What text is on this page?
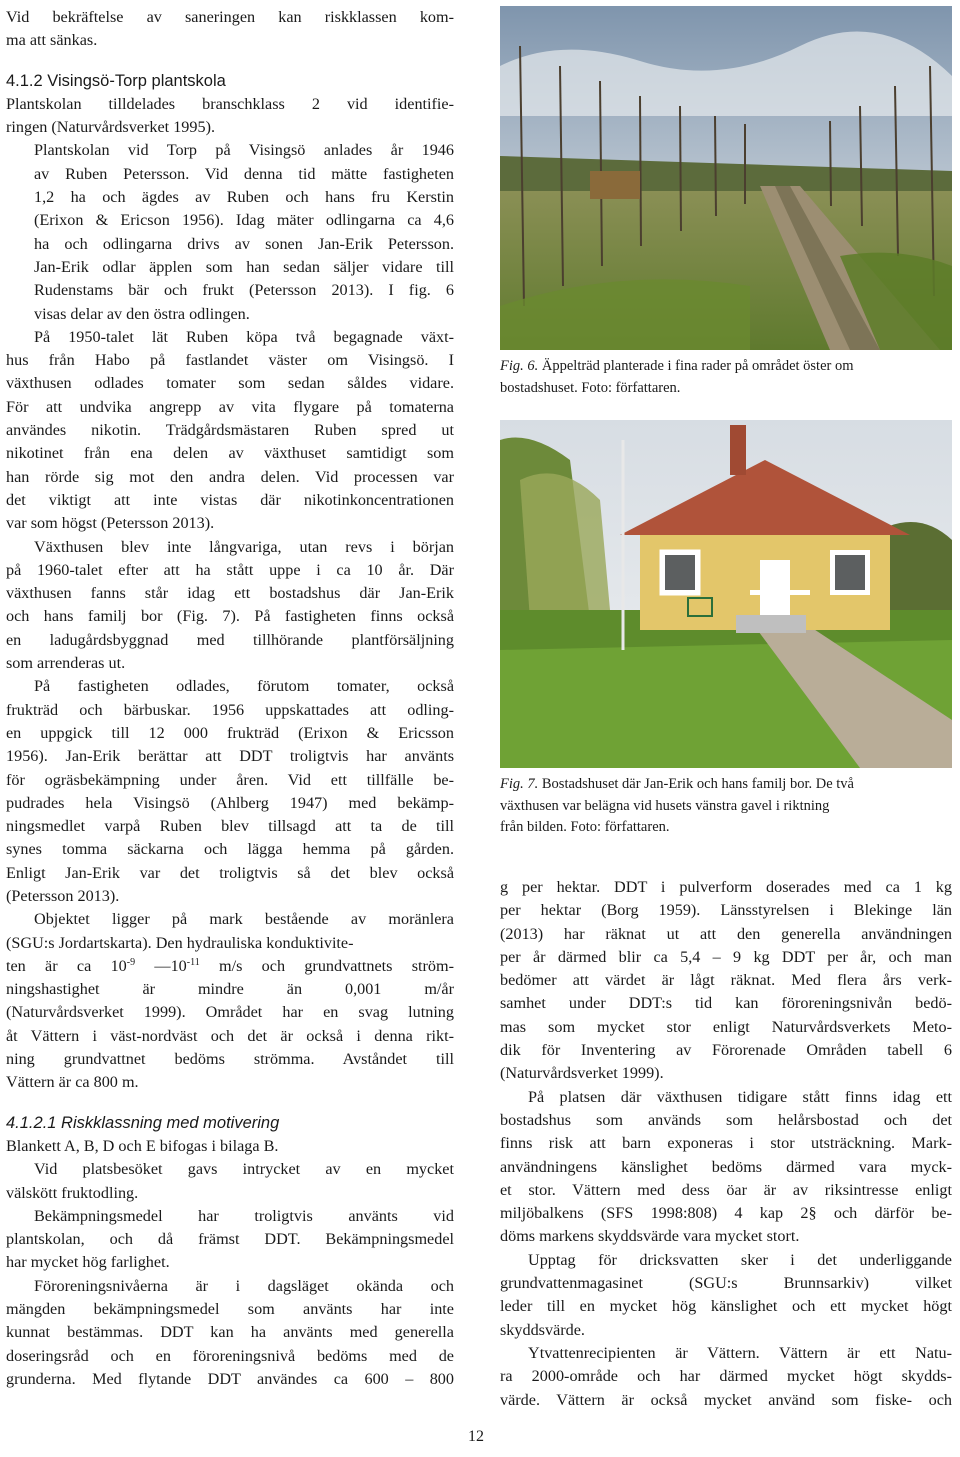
Vid bekräftelse av saneringen kan riskklassen kom-
ma att sänkas.
4.1.2 Visingsö-Torp plantskola
Plantskolan tilldelades branschklass 2 vid identifie-
ringen (Naturvårdsverket 1995).
Plantskolan vid Torp på Visingsö anlades år 1946
av Ruben Petersson. Vid denna tid mätte fastigheten
1,2 ha och ägdes av Ruben och hans fru Kerstin
(Erixon & Ericson 1956). Idag mäter odlingarna ca 4,6
ha och odlingarna drivs av sonen Jan-Erik Petersson.
Jan-Erik odlar äpplen som han sedan säljer vidare till
Rudenstams bär och frukt (Petersson 2013). I fig. 6
visas delar av den östra odlingen.
På 1950-talet lät Ruben köpa två begagnade växt-
hus från Habo på fastlandet väster om Visingsö. I
växthusen odlades tomater som sedan såldes vidare.
För att undvika angrepp av vita flygare på tomaterna
användes nikotin. Trädgårdsmästaren Ruben spred ut
nikotinet från ena delen av växthuset samtidigt som
han rörde sig mot den andra delen. Vid processen var
det viktigt att inte vistas där nikotinkoncentrationen
var som högst (Petersson 2013).
Växthusen blev inte långvariga, utan revs i början
på 1960-talet efter att ha stått uppe i ca 10 år. Där
växthusen fanns står idag ett bostadshus där Jan-Erik
och hans familj bor (Fig. 7). På fastigheten finns också
en ladugårdsbyggnad med tillhörande plantförsäljning
som arrenderas ut.
På fastigheten odlades, förutom tomater, också
frukträd och bärbuskar. 1956 uppskattades att odling-
en uppgick till 12 000 frukträd (Erixon & Ericsson
1956). Jan-Erik berättar att DDT troligtvis har använts
för ogräsbekämpning under åren. Vid ett tillfälle be-
pudrades hela Visingsö (Ahlberg 1947) med bekämp-
ningsmedlet varpå Ruben blev tillsagd att ta de till
synes tomma säckarna och lägga hemma på gården.
Enligt Jan-Erik var det troligtvis så det blev också
(Petersson 2013).
Objektet ligger på mark bestående av moränlera
(SGU:s Jordartskarta). Den hydrauliska konduktivite-
ten är ca $10^{-9}$ $—10^{-11}$ m/s och grundvattnets ström-
ningshastighet är mindre än 0,001 m/år
(Naturvårdsverket 1999). Området har en svag lutning
åt Vättern i väst-nordväst och det är också i denna rikt-
ning grundvattnet bedöms strömma. Avståndet till
Vättern är ca 800 m.
4.1.2.1 Riskklassning med motivering
Blankett A, B, D och E bifogas i bilaga B.
Vid platsbesöket gavs intrycket av en mycket
välskött fruktodling.
Bekämpningsmedel har troligtvis använts vid
plantskolan, och då främst DDT. Bekämpningsmedel
har mycket hög farlighet.
Föroreningsnivåerna är i dagsläget okända och
mängden bekämpningsmedel som använts har inte
kunnat bestämmas. DDT kan ha använts med generella
doseringsråd och en föroreningsnivå bedöms med de
grunderna. Med flytande DDT användes ca 600 – 800
Fig. 6. Äppelträd planterade i fina rader på området öster om
bostadshuset. Foto: författaren.
Fig. 7. Bostadshuset där Jan-Erik och hans familj bor. De två
växthusen var belägna vid husets vänstra gavel i riktning
från bilden. Foto: författaren.
g per hektar. DDT i pulverform doserades med ca 1 kg
per hektar (Borg 1959). Länsstyrelsen i Blekinge län
(2013) har räknat ut att den generella användningen
per år därmed blir ca 5,4 – 9 kg DDT per år, och man
bedömer att värdet är lågt räknat. Med flera års verk-
samhet under DDT:s tid kan föroreningsnivån bedö-
mas som mycket stor enligt Naturvårdsverkets Meto-
dik för Inventering av Förorenade Områden tabell 6
(Naturvårdsverket 1999).
På platsen där växthusen tidigare stått finns idag ett
bostadshus som används som helårsbostad och det
finns risk att barn exponeras i stor utsträckning. Mark-
användningens känslighet bedöms därmed vara myck-
et stor. Vättern med dess öar är av riksintresse enligt
miljöbalkens (SFS 1998:808) 4 kap 2§ och därför be-
döms markens skyddsvärde vara mycket stort.
Upptag för dricksvatten sker i det underliggande
grundvattenmagasinet (SGU:s Brunnsarkiv) vilket
leder till en mycket hög känslighet och ett mycket högt
skyddsvärde.
Ytvattenrecipienten är Vättern. Vättern är ett Natu-
ra 2000-område och har därmed mycket högt skydds-
värde. Vättern är också mycket använd som fiske- och
12
